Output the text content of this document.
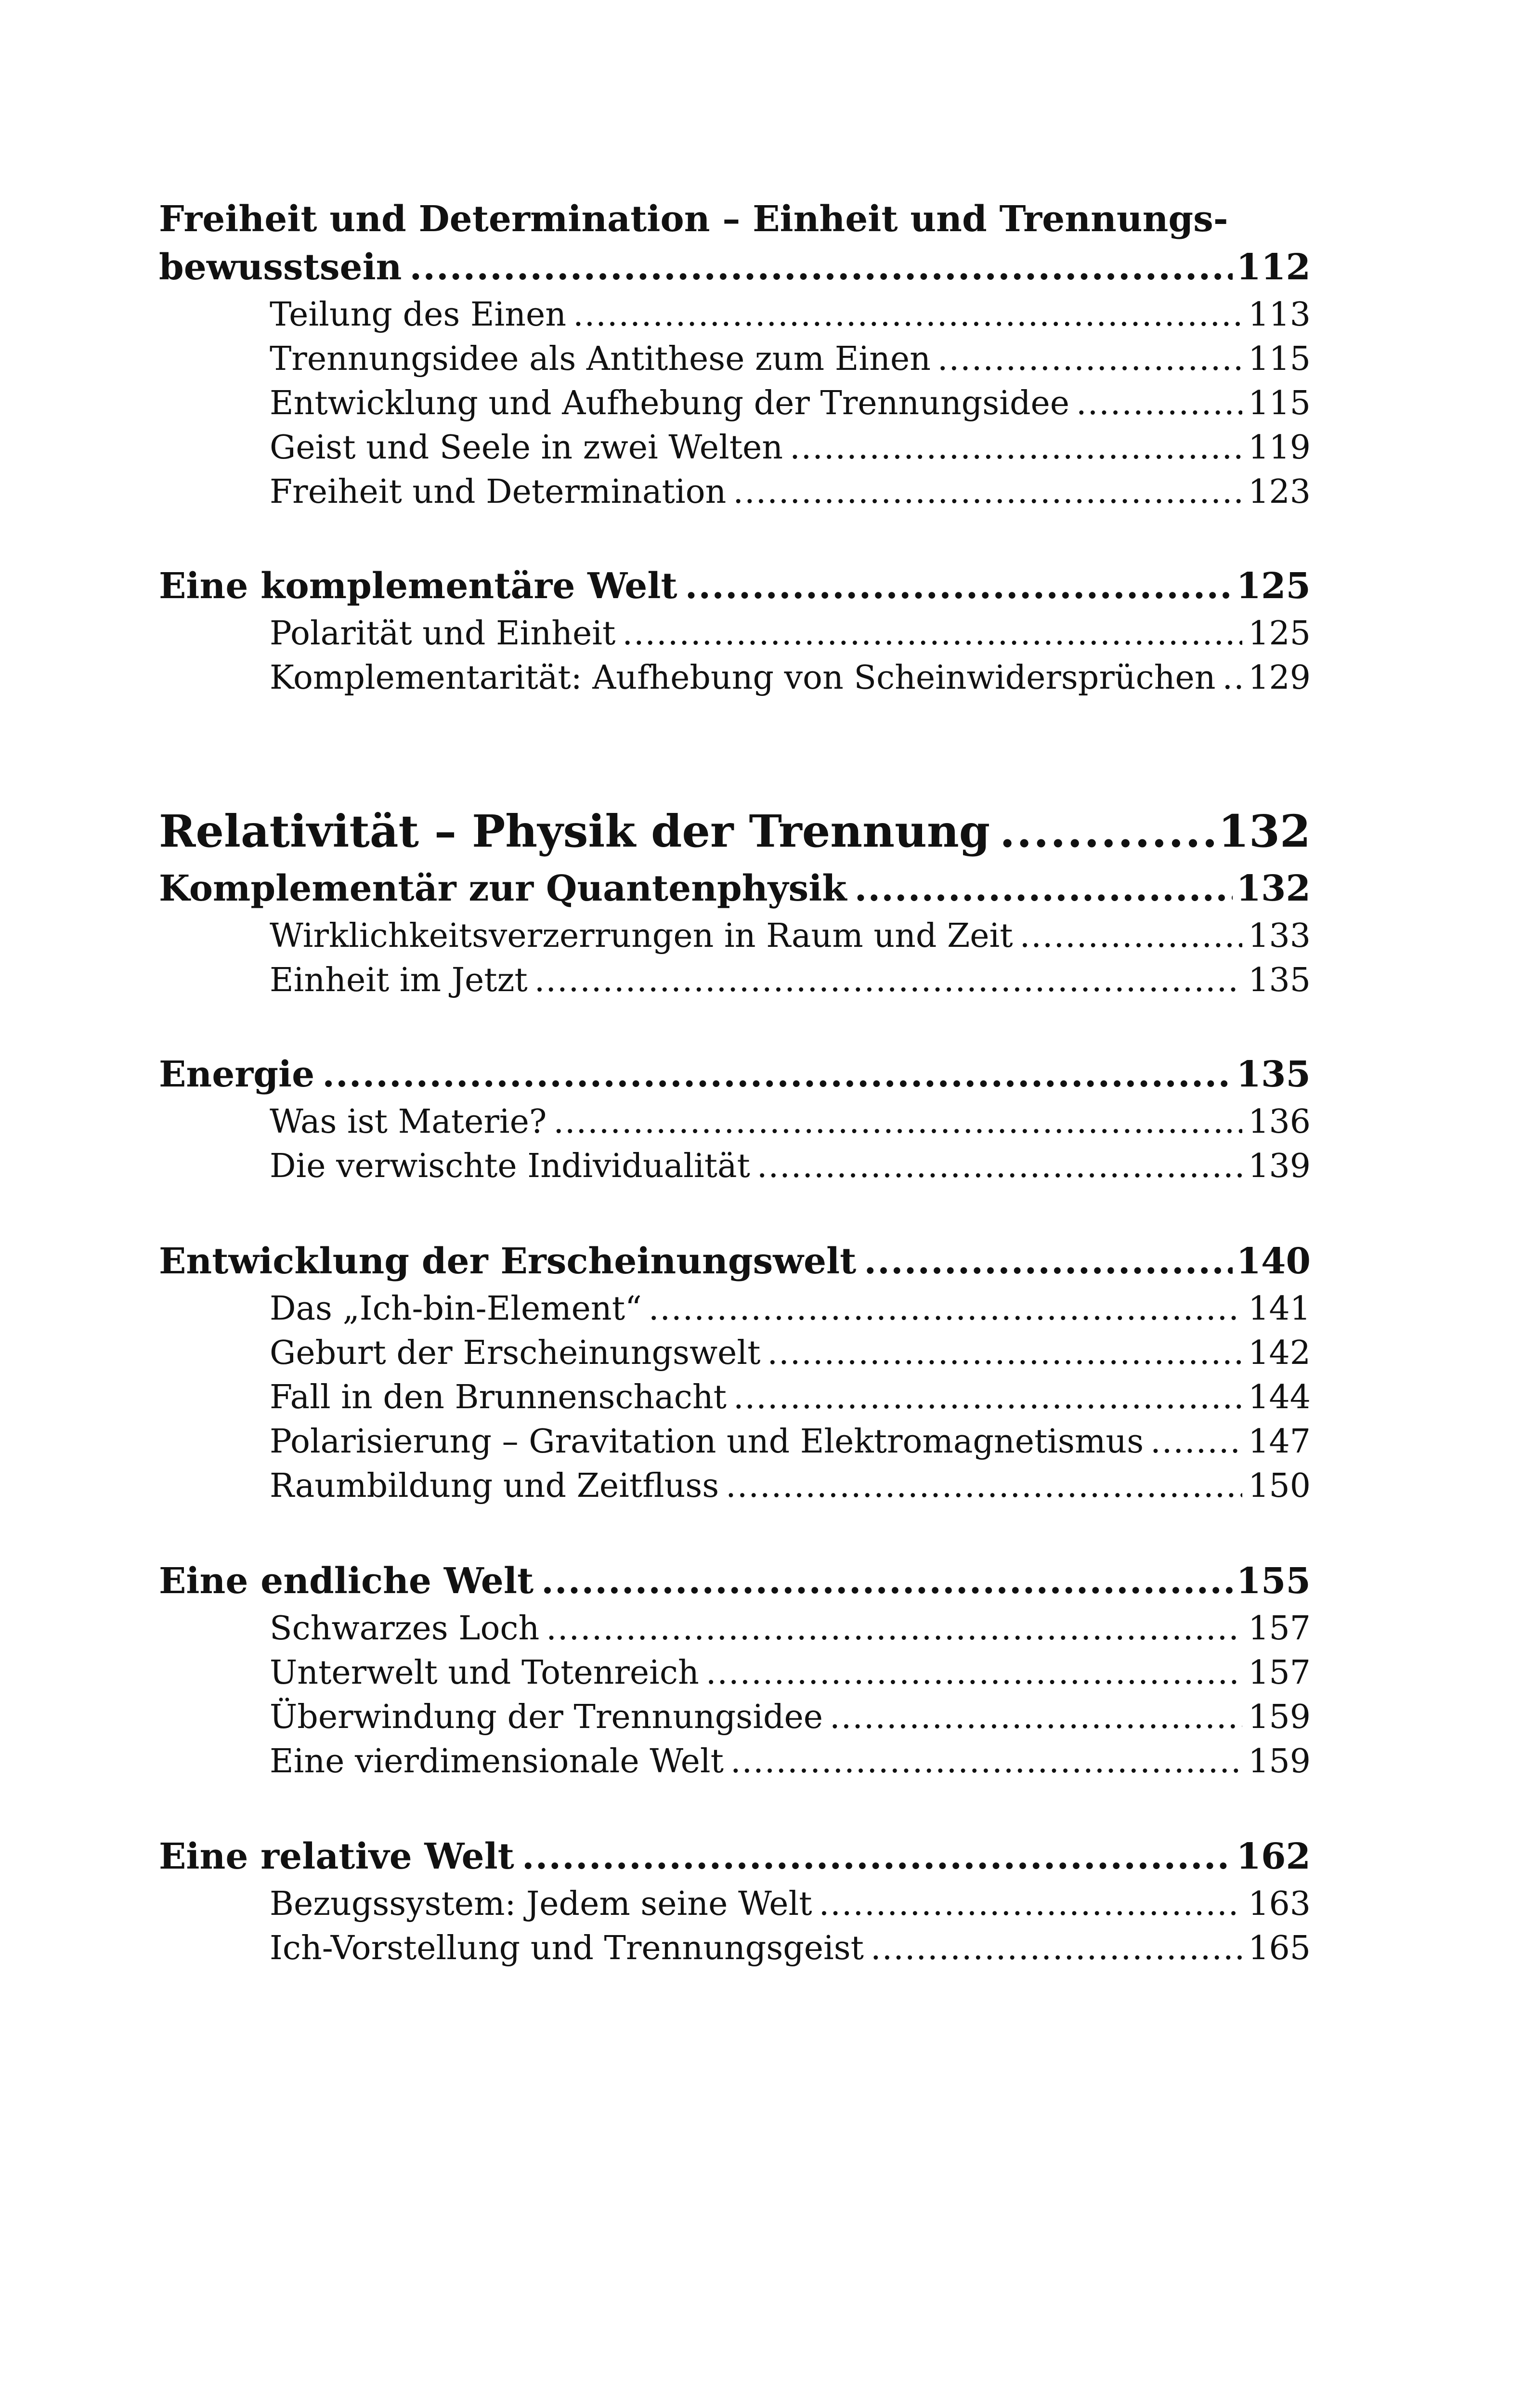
Freiheit und Determination – Einheit und Trennungs-
bewusstsein .....	112
Teilung des Einen .....	113
Trennungsidee als Antithese zum Einen .....	115
Entwicklung und Aufhebung der Trennungsidee .....	115
Geist und Seele in zwei Welten .....	119
Freiheit und Determination .....	123
Eine komplementäre Welt .....	125
Polarität und Einheit .....	125
Komplementarität: Aufhebung von Scheinwidersprüchen ..... 129
Relativität – Physik der Trennung .....	132
Komplementär zur Quantenphysik .....	132
Wirklichkeitsverzerrungen in Raum und Zeit .....	133
Einheit im Jetzt .....	135
Energie .....	135
Was ist Materie? .....	136
Die verwischte Individualität .....	139
Entwicklung der Erscheinungswelt .....	140
Das „Ich-bin-Element“ .....	141
Geburt der Erscheinungswelt .....	142
Fall in den Brunnenschacht .....	144
Polarisierung – Gravitation und Elektromagnetismus .....	147
Raumbildung und Zeitfluss .....	150
Eine endliche Welt .....	155
Schwarzes Loch .....	157
Unterwelt und Totenreich .....	157
Überwindung der Trennungsidee .....	159
Eine vierdimensionale Welt .....	159
Eine relative Welt .....	162
Bezugssystem: Jedem seine Welt .....	163
Ich-Vorstellung und Trennungsgeist .....	165
